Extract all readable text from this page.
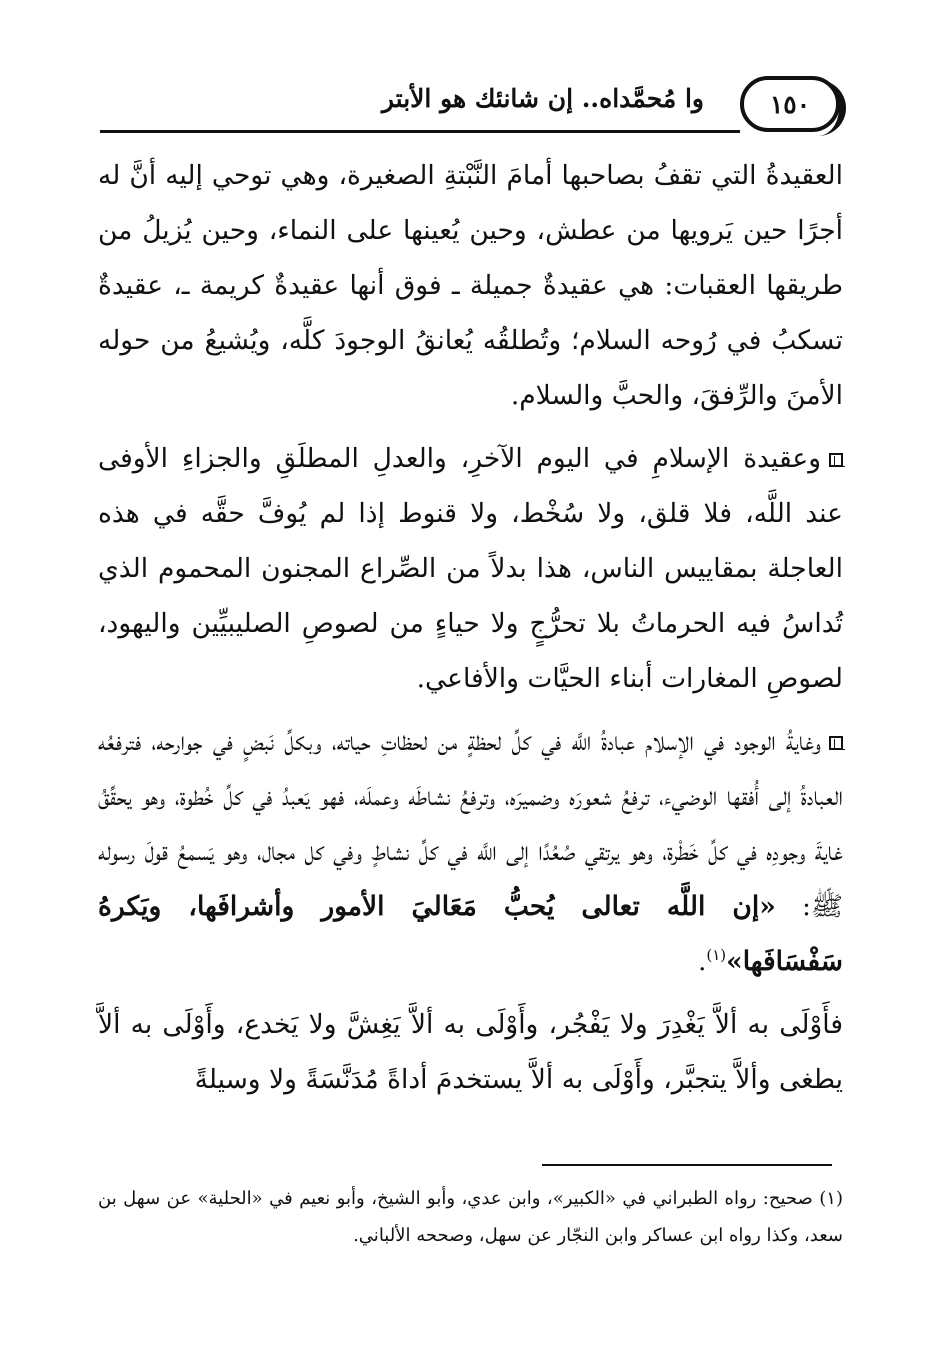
وا مُحمَّداه.. إن شانئك هو الأبتر	١٥٠

العقيدةُ التي تقفُ بصاحبها أمامَ النَّبْتةِ الصغيرة، وهي توحي إليه أنَّ له أجرًا حين يَرويها من عطش، وحين يُعينها على النماء، وحين يُزيلُ من طريقها العقبات: هي عقيدةٌ جميلة ـ فوق أنها عقيدةٌ كريمة ـ، عقيدةٌ تسكبُ في رُوحه السلام؛ وتُطلقُه يُعانقُ الوجودَ كلَّه، ويُشيعُ من حوله الأمنَ والرِّفقَ، والحبَّ والسلام.

وعقيدة الإسلامِ في اليوم الآخرِ، والعدلِ المطلَقِ والجزاءِ الأوفى عند اللَّه، فلا قلق، ولا سُخْط، ولا قنوط إذا لم يُوفَّ حقَّه في هذه العاجلة بمقاييس الناس، هذا بدلاً من الصِّراع المجنون المحموم الذي تُداسُ فيه الحرماتُ بلا تحرُّجٍ ولا حياءٍ من لصوصِ الصليبيِّين واليهود، لصوصِ المغارات أبناء الحيَّات والأفاعي.

وغايةُ الوجود في الإسلام عبادةُ اللَّه في كلِّ لحظةٍ من لحظاتِ حياته، وبكلِّ نَبضٍ في جوارحه، فترفعُه العبادةُ إلى أُفقها الوضيء، ترفعُ شعورَه وضميرَه، وترفعُ نشاطَه وعملَه، فهو يَعبدُ في كلِّ خُطوة، وهو يحقِّقُ غايةَ وجودِه في كلِّ خَطْرة، وهو يرتقي صُعُدًا إلى اللَّه في كلِّ نشاطٍ وفي كل مجال، وهو يَسمعُ قولَ رسوله ﷺ: «إن اللَّه تعالى يُحبُّ مَعَاليَ الأمور وأشرافَها، ويَكرهُ سَفْسَافَها»$^{(١)}$.

فأَوْلَى به ألاَّ يَغْدِرَ ولا يَفْجُر، وأَوْلَى به ألاَّ يَغِشَّ ولا يَخدع، وأَوْلَى به ألاَّ يطغى وألاَّ يتجبَّر، وأَوْلَى به ألاَّ يستخدمَ أداةً مُدَنَّسَةً ولا وسيلةً

(١) صحيح: رواه الطبراني في «الكبير»، وابن عدي، وأبو الشيخ، وأبو نعيم في «الحلية» عن سهل بن سعد، وكذا رواه ابن عساكر وابن النجّار عن سهل، وصححه الألباني.
